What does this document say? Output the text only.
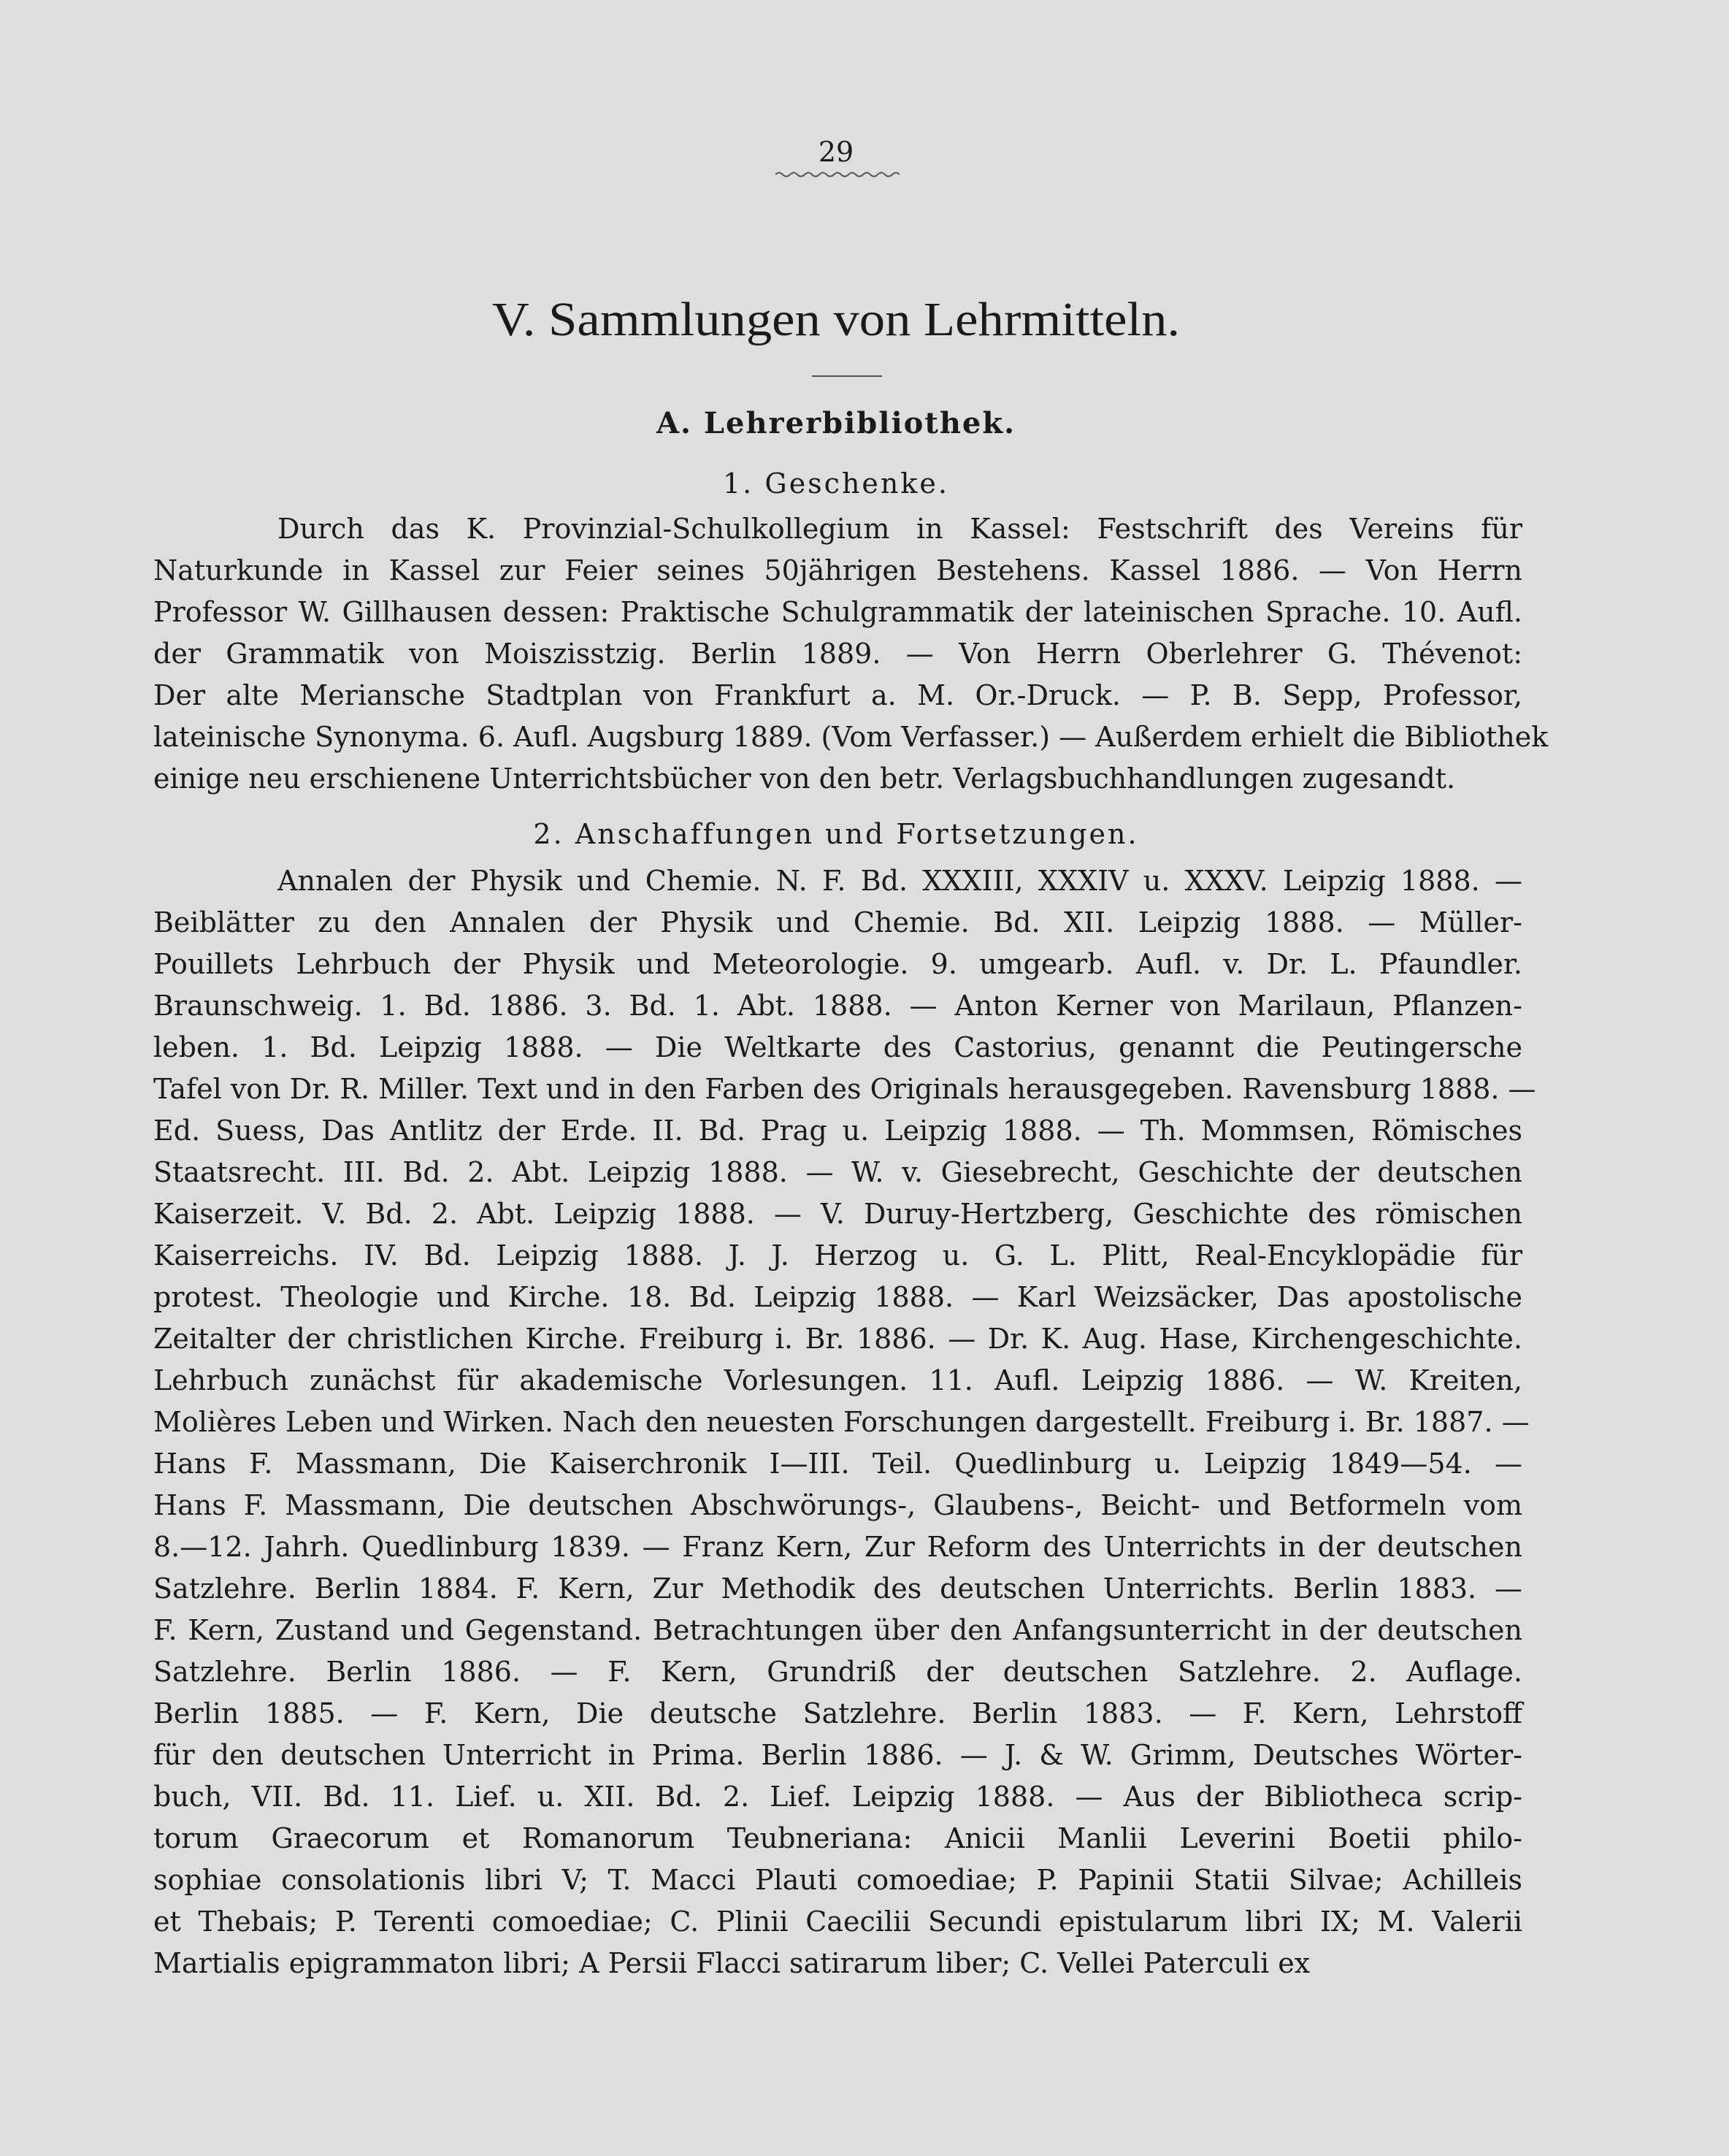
29
V. Sammlungen von Lehrmitteln.
A. Lehrerbibliothek.
1. Geschenke.
Durch das K. Provinzial-Schulkollegium in Kassel: Festschrift des Vereins für
Naturkunde in Kassel zur Feier seines 50jährigen Bestehens. Kassel 1886. — Von Herrn
Professor W. Gillhausen dessen: Praktische Schulgrammatik der lateinischen Sprache. 10. Aufl.
der Grammatik von Moiszisstzig. Berlin 1889. — Von Herrn Oberlehrer G. Thévenot:
Der alte Meriansche Stadtplan von Frankfurt a. M. Or.-Druck. — P. B. Sepp, Professor,
lateinische Synonyma. 6. Aufl. Augsburg 1889. (Vom Verfasser.) — Außerdem erhielt die Bibliothek
einige neu erschienene Unterrichtsbücher von den betr. Verlagsbuchhandlungen zugesandt.
2. Anschaffungen und Fortsetzungen.
Annalen der Physik und Chemie. N. F. Bd. XXXIII, XXXIV u. XXXV. Leipzig 1888. —
Beiblätter zu den Annalen der Physik und Chemie. Bd. XII. Leipzig 1888. — Müller-
Pouillets Lehrbuch der Physik und Meteorologie. 9. umgearb. Aufl. v. Dr. L. Pfaundler.
Braunschweig. 1. Bd. 1886. 3. Bd. 1. Abt. 1888. — Anton Kerner von Marilaun, Pflanzen-
leben. 1. Bd. Leipzig 1888. — Die Weltkarte des Castorius, genannt die Peutingersche
Tafel von Dr. R. Miller. Text und in den Farben des Originals herausgegeben. Ravensburg 1888. —
Ed. Suess, Das Antlitz der Erde. II. Bd. Prag u. Leipzig 1888. — Th. Mommsen, Römisches
Staatsrecht. III. Bd. 2. Abt. Leipzig 1888. — W. v. Giesebrecht, Geschichte der deutschen
Kaiserzeit. V. Bd. 2. Abt. Leipzig 1888. — V. Duruy-Hertzberg, Geschichte des römischen
Kaiserreichs. IV. Bd. Leipzig 1888. J. J. Herzog u. G. L. Plitt, Real-Encyklopädie für
protest. Theologie und Kirche. 18. Bd. Leipzig 1888. — Karl Weizsäcker, Das apostolische
Zeitalter der christlichen Kirche. Freiburg i. Br. 1886. — Dr. K. Aug. Hase, Kirchengeschichte.
Lehrbuch zunächst für akademische Vorlesungen. 11. Aufl. Leipzig 1886. — W. Kreiten,
Molières Leben und Wirken. Nach den neuesten Forschungen dargestellt. Freiburg i. Br. 1887. —
Hans F. Massmann, Die Kaiserchronik I—III. Teil. Quedlinburg u. Leipzig 1849—54. —
Hans F. Massmann, Die deutschen Abschwörungs-, Glaubens-, Beicht- und Betformeln vom
8.—12. Jahrh. Quedlinburg 1839. — Franz Kern, Zur Reform des Unterrichts in der deutschen
Satzlehre. Berlin 1884. F. Kern, Zur Methodik des deutschen Unterrichts. Berlin 1883. —
F. Kern, Zustand und Gegenstand. Betrachtungen über den Anfangsunterricht in der deutschen
Satzlehre. Berlin 1886. — F. Kern, Grundriß der deutschen Satzlehre. 2. Auflage.
Berlin 1885. — F. Kern, Die deutsche Satzlehre. Berlin 1883. — F. Kern, Lehrstoff
für den deutschen Unterricht in Prima. Berlin 1886. — J. & W. Grimm, Deutsches Wörter-
buch, VII. Bd. 11. Lief. u. XII. Bd. 2. Lief. Leipzig 1888. — Aus der Bibliotheca scrip-
torum Graecorum et Romanorum Teubneriana: Anicii Manlii Leverini Boetii philo-
sophiae consolationis libri V; T. Macci Plauti comoediae; P. Papinii Statii Silvae; Achilleis
et Thebais; P. Terenti comoediae; C. Plinii Caecilii Secundi epistularum libri IX; M. Valerii
Martialis epigrammaton libri; A Persii Flacci satirarum liber; C. Vellei Paterculi ex
